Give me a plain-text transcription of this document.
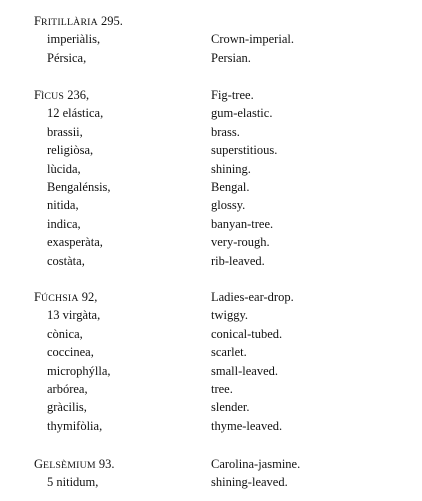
FRITILLÀRIA 295.
imperiàlis,	Crown-imperial.
Pérsica,	Persian.
FÌCUS 236,	Fig-tree.
12 elástica,	gum-elastic.
brassii,	brass.
religiòsa,	superstitious.
lùcida,	shining.
Bengalénsis,	Bengal.
nitida,	glossy.
indica,	banyan-tree.
exasperàta,	very-rough.
costàta,	rib-leaved.
FÚCHSIA 92,	Ladies-ear-drop.
13 virgàta,	twiggy.
cònica,	conical-tubed.
coccinea,	scarlet.
microphýlla,	small-leaved.
arbórea,	tree.
gràcilis,	slender.
thymifòlia,	thyme-leaved.
GELSÈMIUM 93.	Carolina-jasmine.
5 nitidum,	shining-leaved.
